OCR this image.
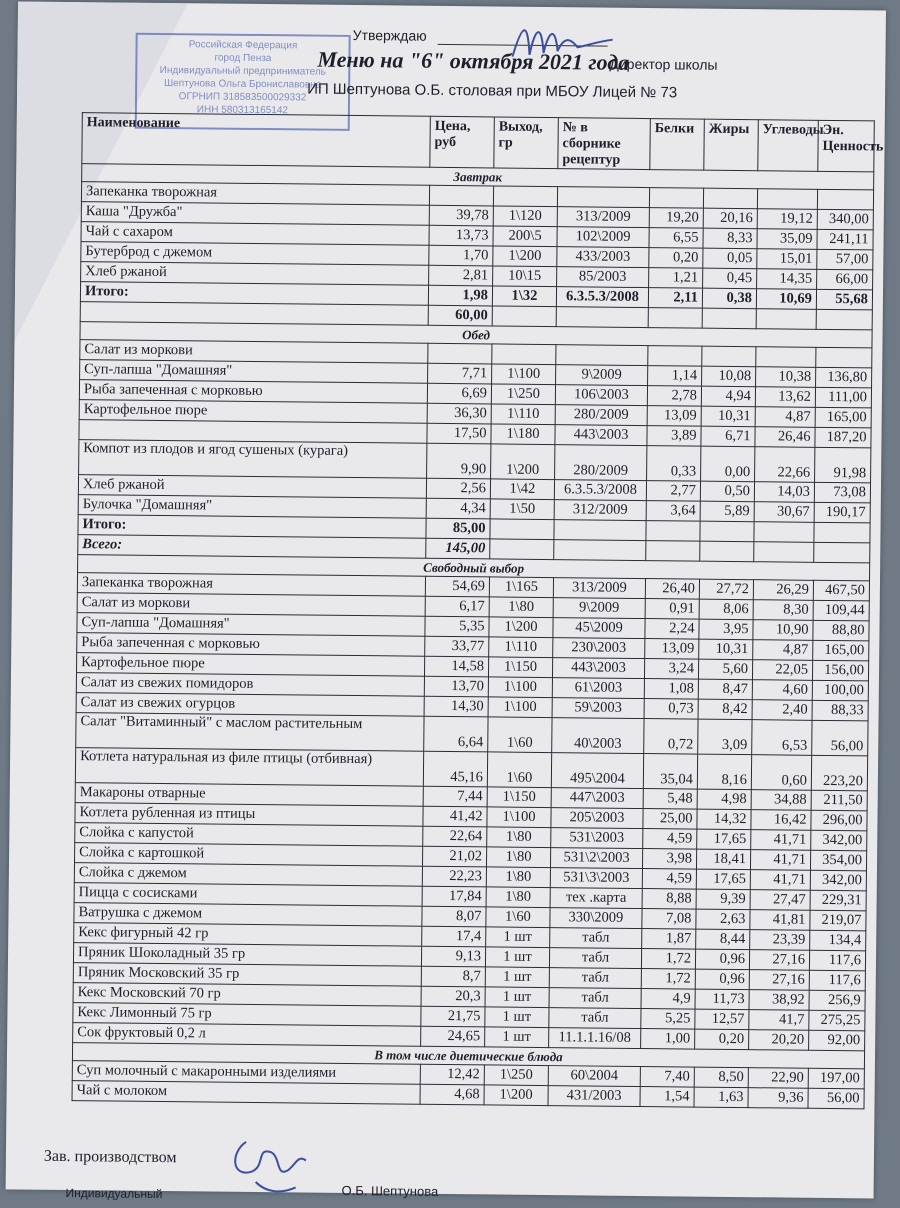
Российская Федерация
город Пенза
Индивидуальный предприниматель
Шептунова Ольга Брониславовна
ОГРНИП 318583500029332
ИНН 580313165142
Утверждаю
Директор школы
Меню на "6" октября 2021 года
ИП Шептунова О.Б. столовая при МБОУ Лицей № 73
Наименование	Цена, руб	Выход, гр	№ в сборнике рецептур	Белки	Жиры	Углеводы	Эн. Ценность
Завтрак							
Запеканка творожная							
Каша "Дружба"	39,78	1\120	313/2009	19,20	20,16	19,12	340,00
Чай с сахаром	13,73	200\5	102\2009	6,55	8,33	35,09	241,11
Бутерброд с джемом	1,70	1\200	433/2003	0,20	0,05	15,01	57,00
Хлеб ржаной	2,81	10\15	85/2003	1,21	0,45	14,35	66,00
Итого:	1,98	1\32	6.3.5.3/2008	2,11	0,38	10,69	55,68
	60,00						
Обед							
Салат из моркови							
Суп-лапша "Домашняя"	7,71	1\100	9\2009	1,14	10,08	10,38	136,80
Рыба запеченная с морковью	6,69	1\250	106\2003	2,78	4,94	13,62	111,00
Картофельное пюре	36,30	1\110	280/2009	13,09	10,31	4,87	165,00
	17,50	1\180	443\2003	3,89	6,71	26,46	187,20
Компот из плодов и ягод сушеных (курага)	9,90	1\200	280/2009	0,33	0,00	22,66	91,98
Хлеб ржаной	2,56	1\42	6.3.5.3/2008	2,77	0,50	14,03	73,08
Булочка "Домашняя"	4,34	1\50	312/2009	3,64	5,89	30,67	190,17
Итого:	85,00						
Всего:	145,00						
Свободный выбор							
Запеканка творожная	54,69	1\165	313/2009	26,40	27,72	26,29	467,50
Салат из моркови	6,17	1\80	9\2009	0,91	8,06	8,30	109,44
Суп-лапша "Домашняя"	5,35	1\200	45\2009	2,24	3,95	10,90	88,80
Рыба запеченная с морковью	33,77	1\110	230\2003	13,09	10,31	4,87	165,00
Картофельное пюре	14,58	1\150	443\2003	3,24	5,60	22,05	156,00
Салат из свежих помидоров	13,70	1\100	61\2003	1,08	8,47	4,60	100,00
Салат из свежих огурцов	14,30	1\100	59\2003	0,73	8,42	2,40	88,33
Салат "Витаминный" с маслом растительным	6,64	1\60	40\2003	0,72	3,09	6,53	56,00
Котлета натуральная из филе птицы (отбивная)	45,16	1\60	495\2004	35,04	8,16	0,60	223,20
Макароны отварные	7,44	1\150	447\2003	5,48	4,98	34,88	211,50
Котлета рубленная из птицы	41,42	1\100	205\2003	25,00	14,32	16,42	296,00
Слойка с капустой	22,64	1\80	531\2003	4,59	17,65	41,71	342,00
Слойка с картошкой	21,02	1\80	531\2\2003	3,98	18,41	41,71	354,00
Слойка с джемом	22,23	1\80	531\3\2003	4,59	17,65	41,71	342,00
Пицца с сосисками	17,84	1\80	тех .карта	8,88	9,39	27,47	229,31
Ватрушка с джемом	8,07	1\60	330\2009	7,08	2,63	41,81	219,07
Кекс фигурный 42 гр	17,4	1 шт	табл	1,87	8,44	23,39	134,4
Пряник Шоколадный 35 гр	9,13	1 шт	табл	1,72	0,96	27,16	117,6
Пряник Московский 35 гр	8,7	1 шт	табл	1,72	0,96	27,16	117,6
Кекс Московский 70 гр	20,3	1 шт	табл	4,9	11,73	38,92	256,9
Кекс Лимонный 75 гр	21,75	1 шт	табл	5,25	12,57	41,7	275,25
Сок фруктовый 0,2 л	24,65	1 шт	11.1.1.16/08	1,00	0,20	20,20	92,00
В том числе диетические блюда							
Суп молочный с макаронными изделиями	12,42	1\250	60\2004	7,40	8,50	22,90	197,00
Чай с молоком	4,68	1\200	431/2003	1,54	1,63	9,36	56,00
Зав. производством
Индивидуальный	О.Б. Шептунова
